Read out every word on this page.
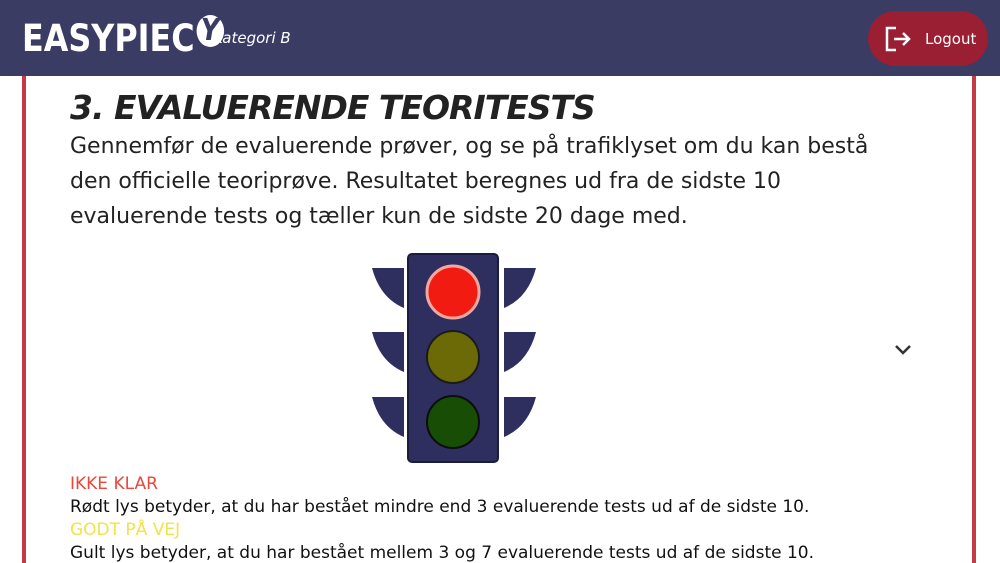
EASYPIEC Y
Kategori B	Logout
3. EVALUERENDE TEORITESTS

Gennemfør de evaluerende prøver, og se på trafiklyset om du kan bestå den officielle teoriprøve. Resultatet beregnes ud fra de sidste 10 evaluerende tests og tæller kun de sidste 20 dage med.

IKKE KLAR
Rødt lys betyder, at du har bestået mindre end 3 evaluerende tests ud af de sidste 10.
GODT PÅ VEJ
Gult lys betyder, at du har bestået mellem 3 og 7 evaluerende tests ud af de sidste 10.
